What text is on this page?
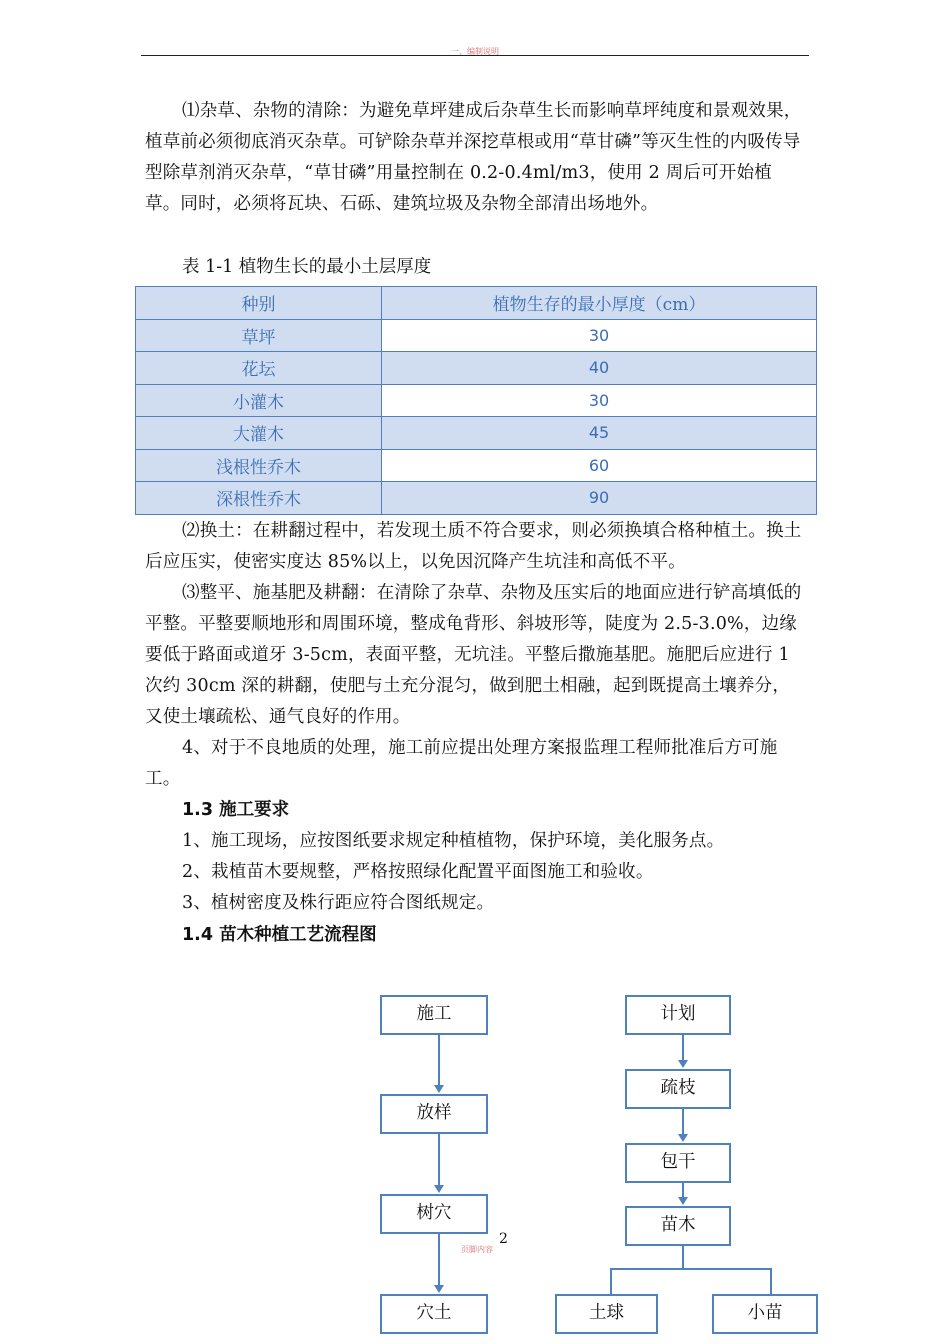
一、编制说明

⑴杂草、杂物的清除：为避免草坪建成后杂草生长而影响草坪纯度和景观效果，植草前必须彻底消灭杂草。可铲除杂草并深挖草根或用“草甘磷”等灭生性的内吸传导型除草剂消灭杂草，“草甘磷”用量控制在 0.2-0.4ml/m3，使用 2 周后可开始植草。同时，必须将瓦块、石砾、建筑垃圾及杂物全部清出场地外。

表 1-1 植物生长的最小土层厚度
种别	植物生存的最小厚度（cm）
草坪	30
花坛	40
小灌木	30
大灌木	45
浅根性乔木	60
深根性乔木	90

⑵换土：在耕翻过程中，若发现土质不符合要求，则必须换填合格种植土。换土后应压实，使密实度达 85%以上，以免因沉降产生坑洼和高低不平。

⑶整平、施基肥及耕翻：在清除了杂草、杂物及压实后的地面应进行铲高填低的平整。平整要顺地形和周围环境，整成龟背形、斜坡形等，陡度为 2.5-3.0%，边缘要低于路面或道牙 3-5cm，表面平整，无坑洼。平整后撒施基肥。施肥后应进行 1 次约 30cm 深的耕翻，使肥与土充分混匀，做到肥土相融，起到既提高土壤养分，又使土壤疏松、通气良好的作用。

4、对于不良地质的处理，施工前应提出处理方案报监理工程师批准后方可施工。

1.3 施工要求
1、施工现场，应按图纸要求规定种植植物，保护环境，美化服务点。
2、栽植苗木要规整，严格按照绿化配置平面图施工和验收。
3、植树密度及株行距应符合图纸规定。
1.4 苗木种植工艺流程图
施工
放样
树穴
穴土
计划
疏枝
包干
苗木
土球	小苗
2
页脚内容
